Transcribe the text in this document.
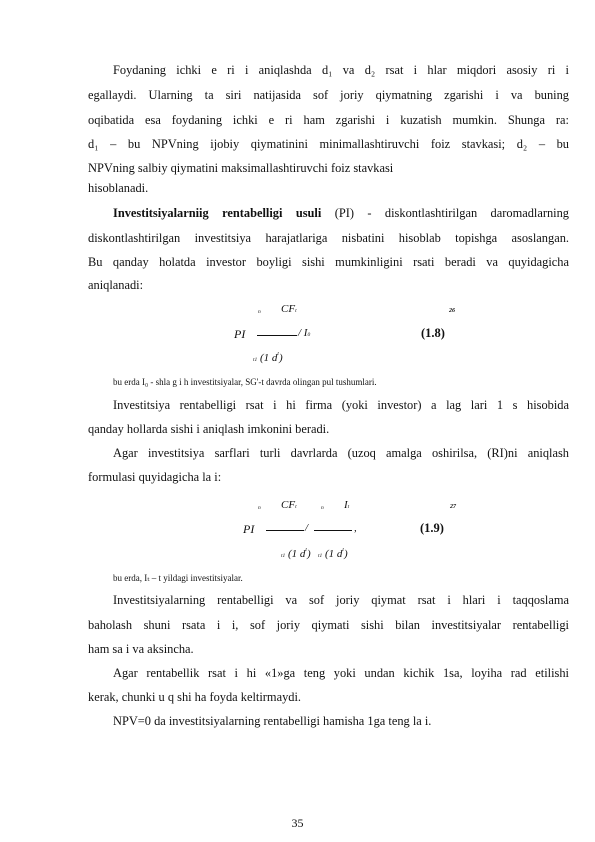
Foydaning ichki e ri i aniqlashda d₁ va d₂ rsat i hlar miqdori asosiy ri i
egallaydi. Ularning ta siri natijasida sof joriy qiymatning zgarishi i va buning
oqibatida esa foydaning ichki e ri ham zgarishi i kuzatish mumkin. Shunga ra:
d₁ – bu NPVning ijobiy qiymatinini minimallashtiruvchi foiz stavkasi; d₂ – bu
NPVning salbiy qiymatini maksimallashtiruvchi foiz stavkasi
hisoblanadi.
Investitsiyalarniig rentabelligi usuli (PI) - diskontlashtirilgan daromadlarning
diskontlashtirilgan investitsiya harajatlariga nisbatini hisoblab topishga asoslangan.
Bu qanday holatda investor boyligi sishi mumkinligini rsati beradi va quyidagicha
aniqlanadi:
n CFt	26
PI	/ I0	(1.8)
t1 (1 $d^t$)
bu erda I₀ - shla g i h investitsiyalar, SG'-t davrda olingan pul tushumlari.
Investitsiya rentabelligi rsat i hi firma (yoki investor) a lag lari 1 s hisobida
qanday hollarda sishi i aniqlash imkonini beradi.
Agar investitsiya sarflari turli davrlarda (uzoq amalga oshirilsa, (RI)ni aniqlash
formulasi quyidagicha la i:
n CFt	n It	27
PI	/	,	(1.9)
t1 (1 $d^t$) t1 (1 $d^t$)
bu erda, Iₜ – t yildagi investitsiyalar.
Investitsiyalarning rentabelligi va sof joriy qiymat rsat i hlari i taqqoslama
baholash shuni rsata i i, sof joriy qiymati sishi bilan investitsiyalar rentabelligi
ham sa i va aksincha.
Agar rentabellik rsat i hi «1»ga teng yoki undan kichik 1sa, loyiha rad etilishi
kerak, chunki u q shi ha foyda keltirmaydi.
NPV=0 da investitsiyalarning rentabelligi hamisha 1ga teng la i.
35
